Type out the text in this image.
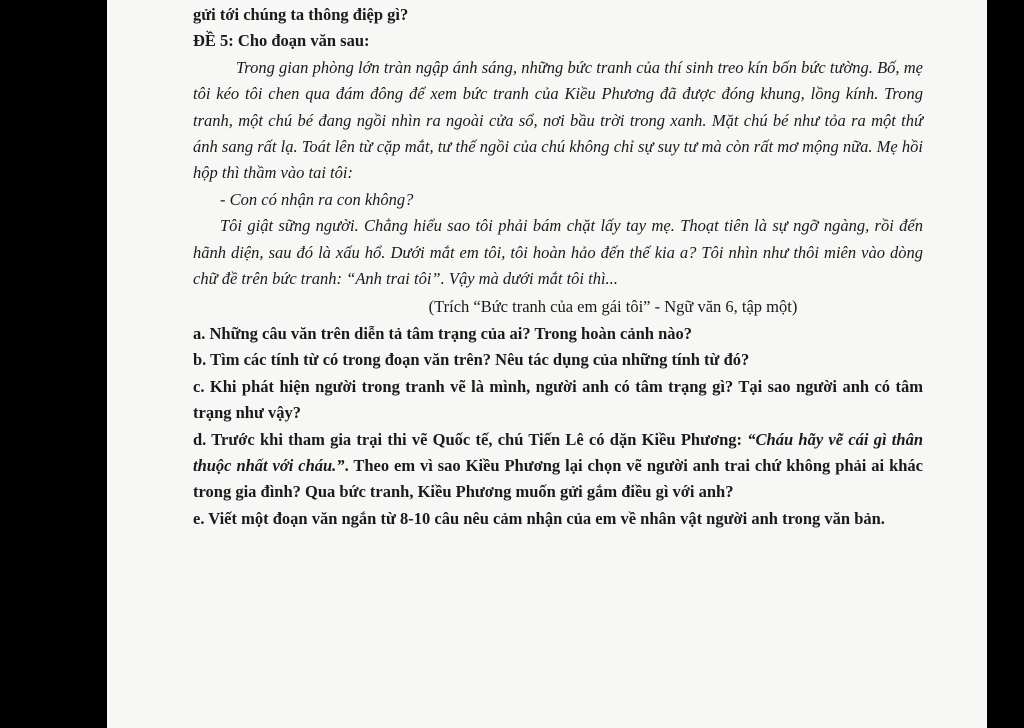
gửi tới chúng ta thông điệp gì?

ĐỀ 5: Cho đoạn văn sau:

Trong gian phòng lớn tràn ngập ánh sáng, những bức tranh của thí sinh treo kín bốn bức tường. Bố, mẹ tôi kéo tôi chen qua đám đông để xem bức tranh của Kiều Phương đã được đóng khung, lồng kính. Trong tranh, một chú bé đang ngồi nhìn ra ngoài cửa sổ, nơi bầu trời trong xanh. Mặt chú bé như tỏa ra một thứ ánh sang rất lạ. Toát lên từ cặp mắt, tư thế ngồi của chú không chỉ sự suy tư mà còn rất mơ mộng nữa. Mẹ hồi hộp thì thầm vào tai tôi:

- Con có nhận ra con không?

Tôi giật sững người. Chẳng hiểu sao tôi phải bám chặt lấy tay mẹ. Thoạt tiên là sự ngỡ ngàng, rồi đến hãnh diện, sau đó là xấu hổ. Dưới mắt em tôi, tôi hoàn hảo đến thế kia a? Tôi nhìn như thôi miên vào dòng chữ đề trên bức tranh: “Anh trai tôi”. Vậy mà dưới mắt tôi thì...

(Trích “Bức tranh của em gái tôi” - Ngữ văn 6, tập một)

a. Những câu văn trên diễn tả tâm trạng của ai? Trong hoàn cảnh nào?

b. Tìm các tính từ có trong đoạn văn trên? Nêu tác dụng của những tính từ đó?

c. Khi phát hiện người trong tranh vẽ là mình, người anh có tâm trạng gì? Tại sao người anh có tâm trạng như vậy?

d. Trước khi tham gia trại thi vẽ Quốc tế, chú Tiến Lê có dặn Kiều Phương: “Cháu hãy vẽ cái gì thân thuộc nhất với cháu.”. Theo em vì sao Kiều Phương lại chọn vẽ người anh trai chứ không phải ai khác trong gia đình? Qua bức tranh, Kiều Phương muốn gửi gắm điều gì với anh?

e. Viết một đoạn văn ngắn từ 8-10 câu nêu cảm nhận của em về nhân vật người anh trong văn bản.
